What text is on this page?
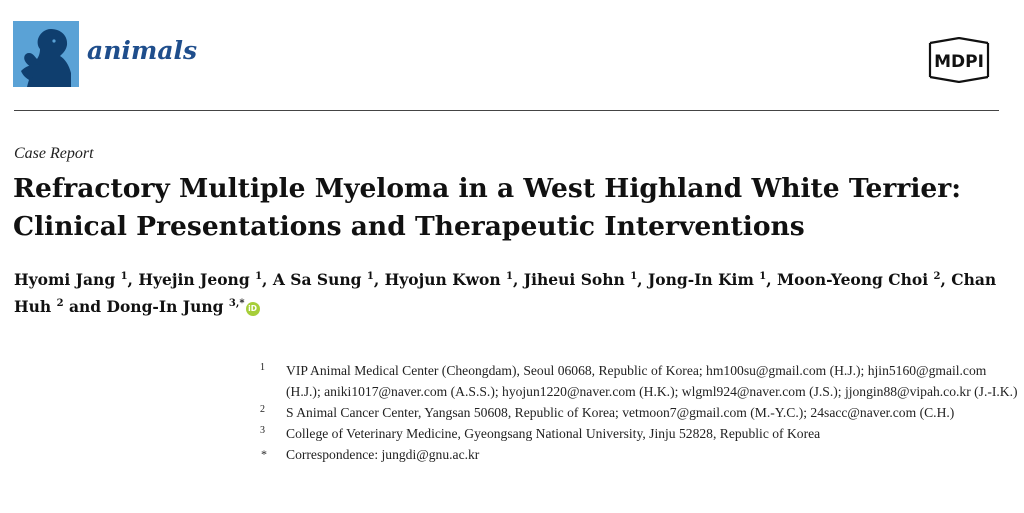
animals	MDPI
Case Report
Refractory Multiple Myeloma in a West Highland White Terrier: Clinical Presentations and Therapeutic Interventions
Hyomi Jang $^1$, Hyejin Jeong $^1$, A Sa Sung $^1$, Hyojun Kwon $^1$, Jiheui Sohn $^1$, Jong-In Kim $^1$, Moon-Yeong Choi $^2$, Chan Huh $^2$ and Dong-In Jung $^{3,*}$ iD
1 VIP Animal Medical Center (Cheongdam), Seoul 06068, Republic of Korea; hm100su@gmail.com (H.J.); hjin5160@gmail.com (H.J.); aniki1017@naver.com (A.S.S.); hyojun1220@naver.com (H.K.); wlgml924@naver.com (J.S.); jjongin88@vipah.co.kr (J.-I.K.)
2 S Animal Cancer Center, Yangsan 50608, Republic of Korea; vetmoon7@gmail.com (M.-Y.C.); 24sacc@naver.com (C.H.)
3 College of Veterinary Medicine, Gyeongsang National University, Jinju 52828, Republic of Korea
* Correspondence: jungdi@gnu.ac.kr
